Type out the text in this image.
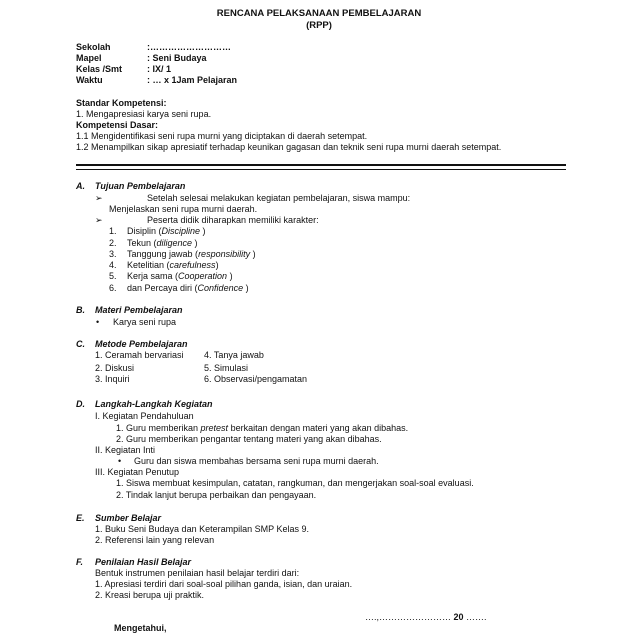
RENCANA PELAKSANAAN PEMBELAJARAN
(RPP)
Sekolah	:………………………
Mapel	: Seni Budaya
Kelas /Smt	: IX/ 1
Waktu	: … x 1Jam Pelajaran
Standar Kompetensi:
1. Mengapresiasi karya seni rupa.
Kompetensi Dasar:
1.1 Mengidentifikasi seni rupa murni yang diciptakan di daerah setempat.
1.2 Menampilkan sikap apresiatif terhadap keunikan gagasan dan teknik seni rupa murni daerah setempat.
A. Tujuan Pembelajaran
➢	Setelah selesai melakukan kegiatan pembelajaran, siswa mampu:
Menjelaskan seni rupa murni daerah.
➢	Peserta didik diharapkan memiliki karakter:
1. Disiplin (Discipline )
2. Tekun (diligence )
3. Tanggung jawab (responsibility )
4. Ketelitian (carefulness)
5. Kerja sama (Cooperation )
6. dan Percaya diri (Confidence )
B. Materi Pembelajaran
• Karya seni rupa
C. Metode Pembelajaran
1. Ceramah bervariasi 4. Tanya jawab
2. Diskusi	5. Simulasi
3. Inquiri	6. Observasi/pengamatan
D. Langkah-Langkah Kegiatan
I. Kegiatan Pendahuluan
1. Guru memberikan pretest berkaitan dengan materi yang akan dibahas.
2. Guru memberikan pengantar tentang materi yang akan dibahas.
II. Kegiatan Inti
• Guru dan siswa membahas bersama seni rupa murni daerah.
III. Kegiatan Penutup
1. Siswa membuat kesimpulan, catatan, rangkuman, dan mengerjakan soal-soal evaluasi.
2. Tindak lanjut berupa perbaikan dan pengayaan.
E. Sumber Belajar
1. Buku Seni Budaya dan Keterampilan SMP Kelas 9.
2. Referensi lain yang relevan
F. Penilaian Hasil Belajar
Bentuk instrumen penilaian hasil belajar terdiri dari:
1. Apresiasi terdiri dari soal-soal pilihan ganda, isian, dan uraian.
2. Kreasi berupa uji praktik.
….,…………………… 20 …….
Mengetahui,
